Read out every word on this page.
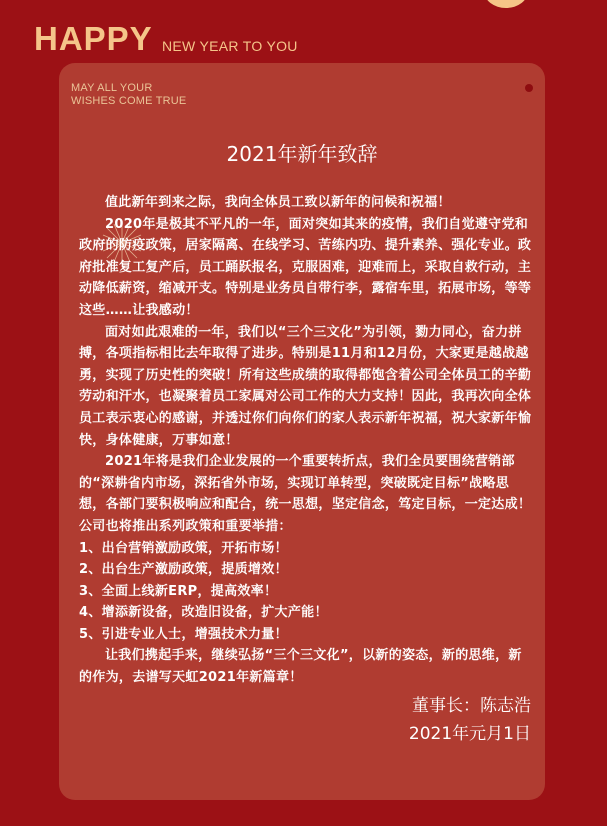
HAPPY NEW YEAR TO YOU
MAY ALL YOUR
WISHES COME TRUE
2021年新年致辞

值此新年到来之际，我向全体员工致以新年的问候和祝福！

2020年是极其不平凡的一年，面对突如其来的疫情，我们自觉遵守党和政府的防疫政策，居家隔离、在线学习、苦练内功、提升素养、强化专业。政府批准复工复产后，员工踊跃报名，克服困难，迎难而上，采取自救行动，主动降低薪资，缩减开支。特别是业务员自带行李，露宿车里，拓展市场，等等这些……让我感动！

面对如此艰难的一年，我们以“三个三文化”为引领，勠力同心，奋力拼搏，各项指标相比去年取得了进步。特别是11月和12月份，大家更是越战越勇，实现了历史性的突破！所有这些成绩的取得都饱含着公司全体员工的辛勤劳动和汗水，也凝聚着员工家属对公司工作的大力支持！因此，我再次向全体员工表示衷心的感谢，并透过你们向你们的家人表示新年祝福，祝大家新年愉快，身体健康，万事如意！

2021年将是我们企业发展的一个重要转折点，我们全员要围绕营销部的“深耕省内市场，深拓省外市场，实现订单转型，突破既定目标”战略思想，各部门要积极响应和配合，统一思想，坚定信念，笃定目标，一定达成！公司也将推出系列政策和重要举措：

1、出台营销激励政策，开拓市场！

2、出台生产激励政策，提质增效！

3、全面上线新ERP，提高效率！

4、增添新设备，改造旧设备，扩大产能！

5、引进专业人士，增强技术力量！

让我们携起手来，继续弘扬“三个三文化”，以新的姿态，新的思维，新的作为，去谱写天虹2021年新篇章！

董事长：陈志浩
2021年元月1日
